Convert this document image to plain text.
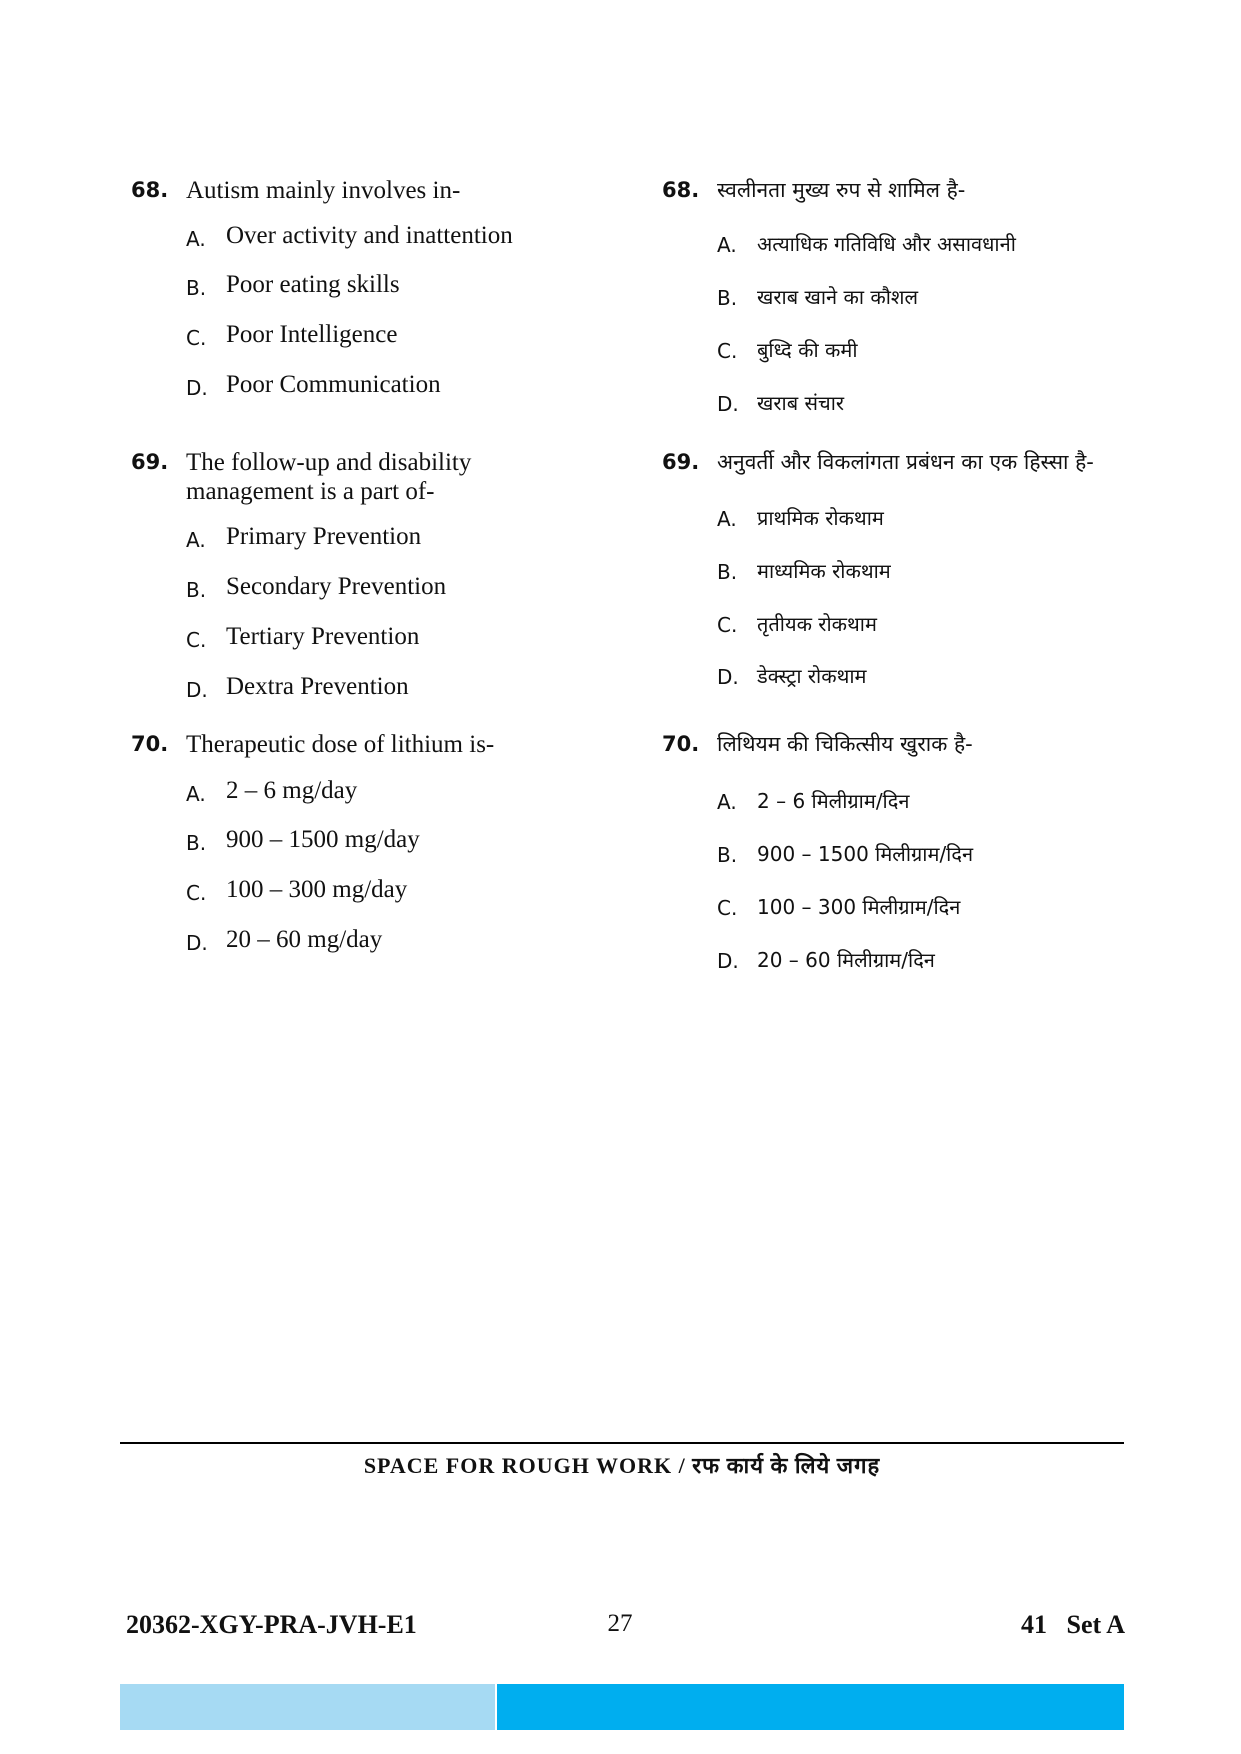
68. Autism mainly involves in-
A. Over activity and inattention
B. Poor eating skills
C. Poor Intelligence
D. Poor Communication
69. The follow-up and disability
management is a part of-
A. Primary Prevention
B. Secondary Prevention
C. Tertiary Prevention
D. Dextra Prevention
70. Therapeutic dose of lithium is-
A. 2 – 6 mg/day
B. 900 – 1500 mg/day
C. 100 – 300 mg/day
D. 20 – 60 mg/day
68. स्वलीनता मुख्य रुप से शामिल है-
A. अत्याधिक गतिविधि और असावधानी
B. खराब खाने का कौशल
C. बुध्दि की कमी
D. खराब संचार
69. अनुवर्ती और विकलांगता प्रबंधन का एक हिस्सा है-
A. प्राथमिक रोकथाम
B. माध्यमिक रोकथाम
C. तृतीयक रोकथाम
D. डेक्स्ट्रा रोकथाम
70. लिथियम की चिकित्सीय खुराक है-
A. 2 – 6 मिलीग्राम/दिन
B. 900 – 1500 मिलीग्राम/दिन
C. 100 – 300 मिलीग्राम/दिन
D. 20 – 60 मिलीग्राम/दिन
SPACE FOR ROUGH WORK / रफ कार्य के लिये जगह
20362-XGY-PRA-JVH-E1	27	41   Set A
